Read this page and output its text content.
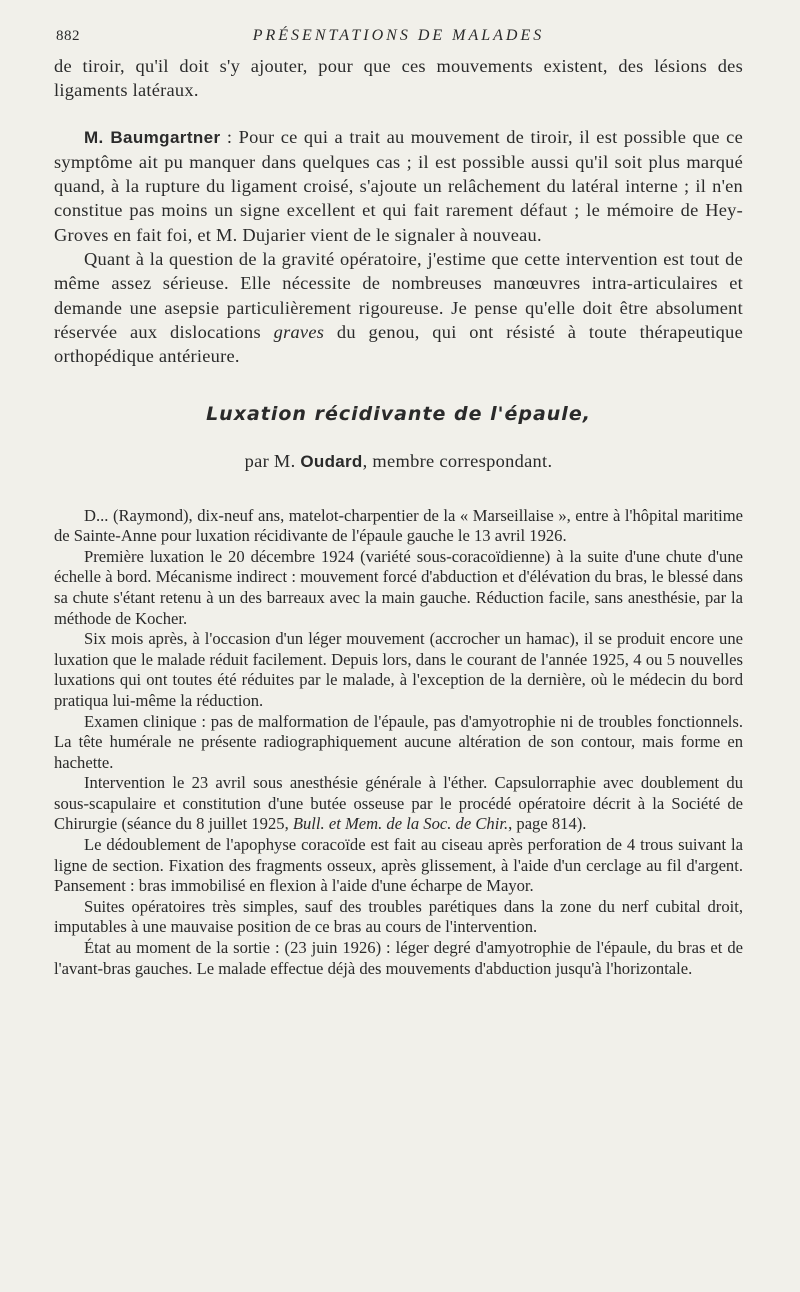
882	PRÉSENTATIONS DE MALADES

de tiroir, qu'il doit s'y ajouter, pour que ces mouvements existent, des lésions des ligaments latéraux.

M. Baumgartner : Pour ce qui a trait au mouvement de tiroir, il est possible que ce symptôme ait pu manquer dans quelques cas ; il est possible aussi qu'il soit plus marqué quand, à la rupture du ligament croisé, s'ajoute un relâchement du latéral interne ; il n'en constitue pas moins un signe excellent et qui fait rarement défaut ; le mémoire de Hey-Groves en fait foi, et M. Dujarier vient de le signaler à nouveau.

Quant à la question de la gravité opératoire, j'estime que cette intervention est tout de même assez sérieuse. Elle nécessite de nombreuses manœuvres intra-articulaires et demande une asepsie particulièrement rigoureuse. Je pense qu'elle doit être absolument réservée aux dislocations graves du genou, qui ont résisté à toute thérapeutique orthopédique antérieure.

Luxation récidivante de l'épaule,
par M. Oudard, membre correspondant.

D... (Raymond), dix-neuf ans, matelot-charpentier de la « Marseillaise », entre à l'hôpital maritime de Sainte-Anne pour luxation récidivante de l'épaule gauche le 13 avril 1926.

Première luxation le 20 décembre 1924 (variété sous-coracoïdienne) à la suite d'une chute d'une échelle à bord. Mécanisme indirect : mouvement forcé d'abduction et d'élévation du bras, le blessé dans sa chute s'étant retenu à un des barreaux avec la main gauche. Réduction facile, sans anesthésie, par la méthode de Kocher.

Six mois après, à l'occasion d'un léger mouvement (accrocher un hamac), il se produit encore une luxation que le malade réduit facilement. Depuis lors, dans le courant de l'année 1925, 4 ou 5 nouvelles luxations qui ont toutes été réduites par le malade, à l'exception de la dernière, où le médecin du bord pratiqua lui-même la réduction.

Examen clinique : pas de malformation de l'épaule, pas d'amyotrophie ni de troubles fonctionnels. La tête humérale ne présente radiographiquement aucune altération de son contour, mais forme en hachette.

Intervention le 23 avril sous anesthésie générale à l'éther. Capsulorraphie avec doublement du sous-scapulaire et constitution d'une butée osseuse par le procédé opératoire décrit à la Société de Chirurgie (séance du 8 juillet 1925, Bull. et Mem. de la Soc. de Chir., page 814).

Le dédoublement de l'apophyse coracoïde est fait au ciseau après perforation de 4 trous suivant la ligne de section. Fixation des fragments osseux, après glissement, à l'aide d'un cerclage au fil d'argent. Pansement : bras immobilisé en flexion à l'aide d'une écharpe de Mayor.

Suites opératoires très simples, sauf des troubles parétiques dans la zone du nerf cubital droit, imputables à une mauvaise position de ce bras au cours de l'intervention.

État au moment de la sortie : (23 juin 1926) : léger degré d'amyotrophie de l'épaule, du bras et de l'avant-bras gauches. Le malade effectue déjà des mouvements d'abduction jusqu'à l'horizontale.
